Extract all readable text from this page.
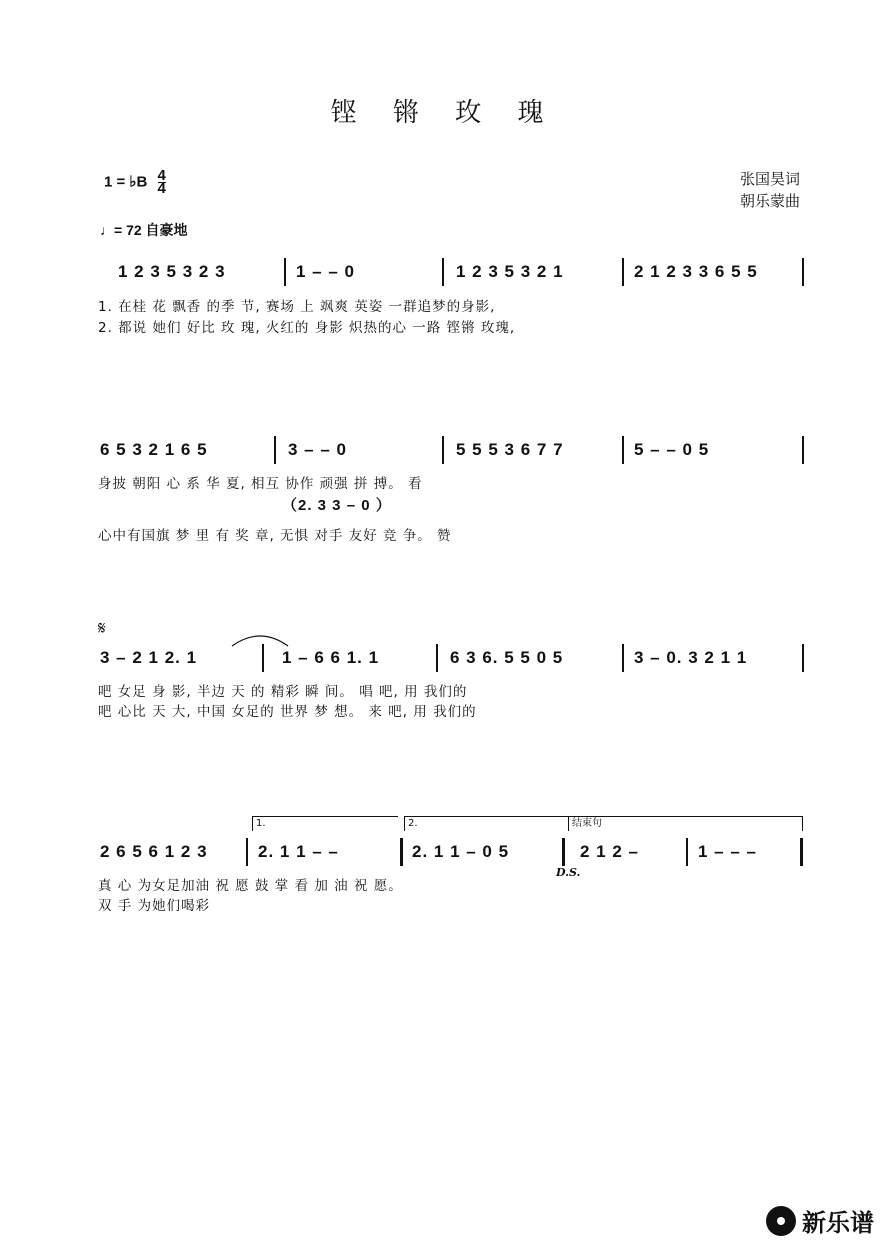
铿 锵 玫 瑰
1 = ♭B $\frac{4}{4}$	张国昊词
朝乐蒙曲
♩= 72 自豪地
1 2 3 5 3 2 3	1 – – 0	1 2 3 5 3 2 1	2 1 2 3 3 6 5 5
1. 在桂 花 飘香 的季 节, 赛场 上 飒爽 英姿 一群追梦的身影,
2. 都说 她们 好比 玫 瑰, 火红的 身影 炽热的心 一路 铿锵 玫瑰,
6 5 3 2 1 6 5	3 – – 0	5 5 5 3 6 7 7	5 – – 0 5
身披 朝阳 心 系 华 夏, 相互 协作 顽强 拼 搏。 看
（2. 3 3 – 0 ）
心中有国旗 梦 里 有 奖 章, 无惧 对手 友好 竞 争。 赞
𝄋
3 – 2 1 2. 1	1 – 6 6 1. 1	6 3 6. 5 5 0 5	3 – 0. 3 2 1 1
吧 女足 身 影, 半边 天 的 精彩 瞬 间。 唱 吧, 用 我们的
吧 心比 天 大, 中国 女足的 世界 梦 想。 来 吧, 用 我们的
1.	2.	结束句
2 6 5 6 1 2 3	2. 1 1 – –	2. 1 1 – 0 5	2 1 2 –	1 – – –
D.S.
真 心 为女足加油 祝 愿 鼓 掌 看 加 油 祝 愿。
双 手 为她们喝彩
新乐谱
